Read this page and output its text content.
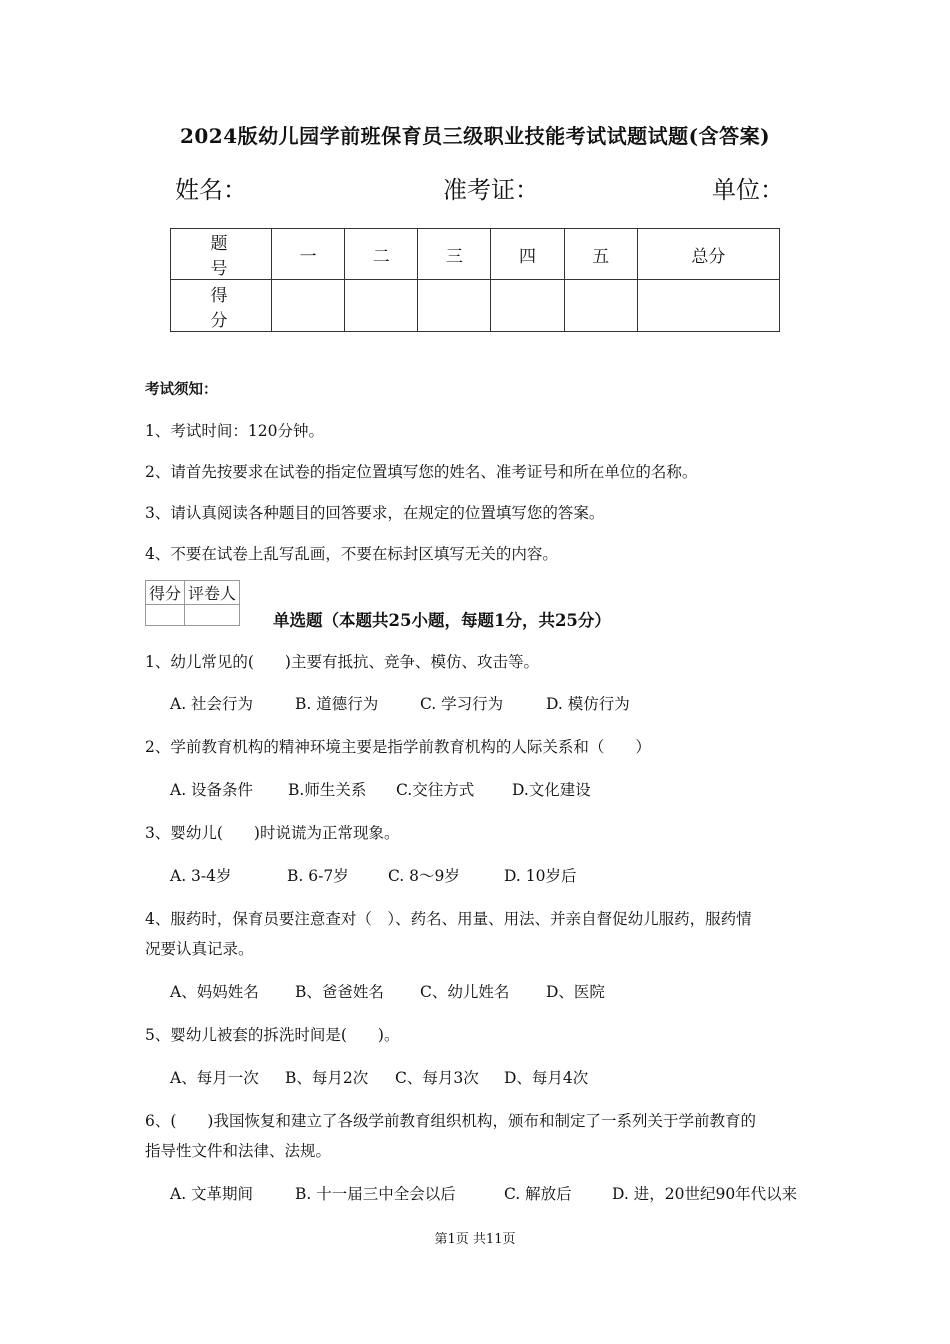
2024版幼儿园学前班保育员三级职业技能考试试题试题(含答案)
姓名：	准考证：	单位：
题 号	一	二	三	四	五	总分
得 分						
考试须知：
1、考试时间：120分钟。
2、请首先按要求在试卷的指定位置填写您的姓名、准考证号和所在单位的名称。
3、请认真阅读各种题目的回答要求，在规定的位置填写您的答案。
4、不要在试卷上乱写乱画，不要在标封区填写无关的内容。
得分	评卷人

单选题（本题共25小题，每题1分，共25分）
1、幼儿常见的(　　)主要有抵抗、竞争、模仿、攻击等。
A. 社会行为	B. 道德行为	C. 学习行为	D. 模仿行为
2、学前教育机构的精神环境主要是指学前教育机构的人际关系和（　　）
A. 设备条件 B.师生关系 C.交往方式 D.文化建设
3、婴幼儿(　　)时说谎为正常现象。
A. 3-4岁	B. 6-7岁	C. 8～9岁	D. 10岁后
4、服药时，保育员要注意查对（　）、药名、用量、用法、并亲自督促幼儿服药，服药情
况要认真记录。
A、妈妈姓名 B、爸爸姓名 C、幼儿姓名 D、医院
5、婴幼儿被套的拆洗时间是(　　)。
A、每月一次 B、每月2次 C、每月3次 D、每月4次
6、(　　)我国恢复和建立了各级学前教育组织机构，颁布和制定了一系列关于学前教育的
指导性文件和法律、法规。
A. 文革期间	B. 十一届三中全会以后	C. 解放后	D. 进，20世纪90年代以来
第1页 共11页
